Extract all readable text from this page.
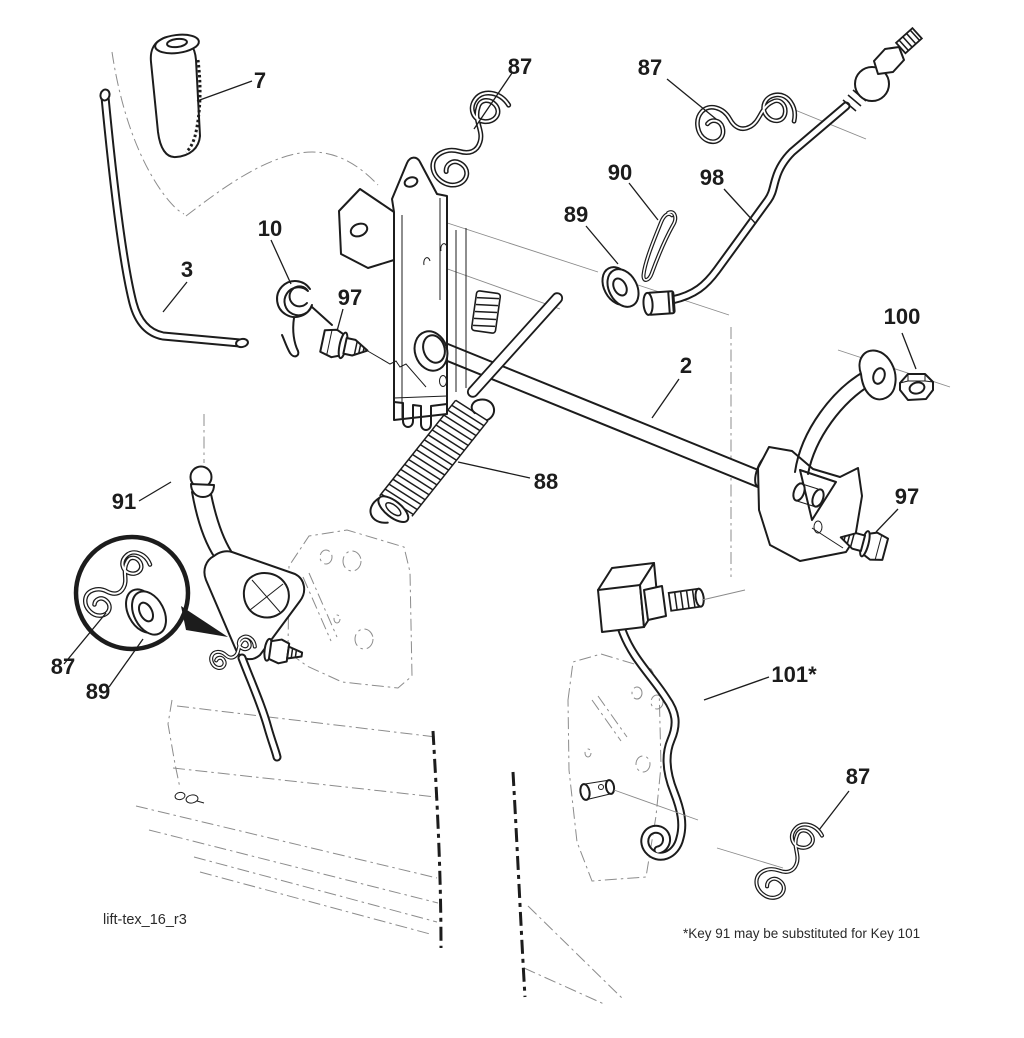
7
87	87
90	98
89
10
3
97
2
100
91	97
88
87
89
101*
87
lift-tex_16_r3
*Key 91 may be substituted for Key 101
